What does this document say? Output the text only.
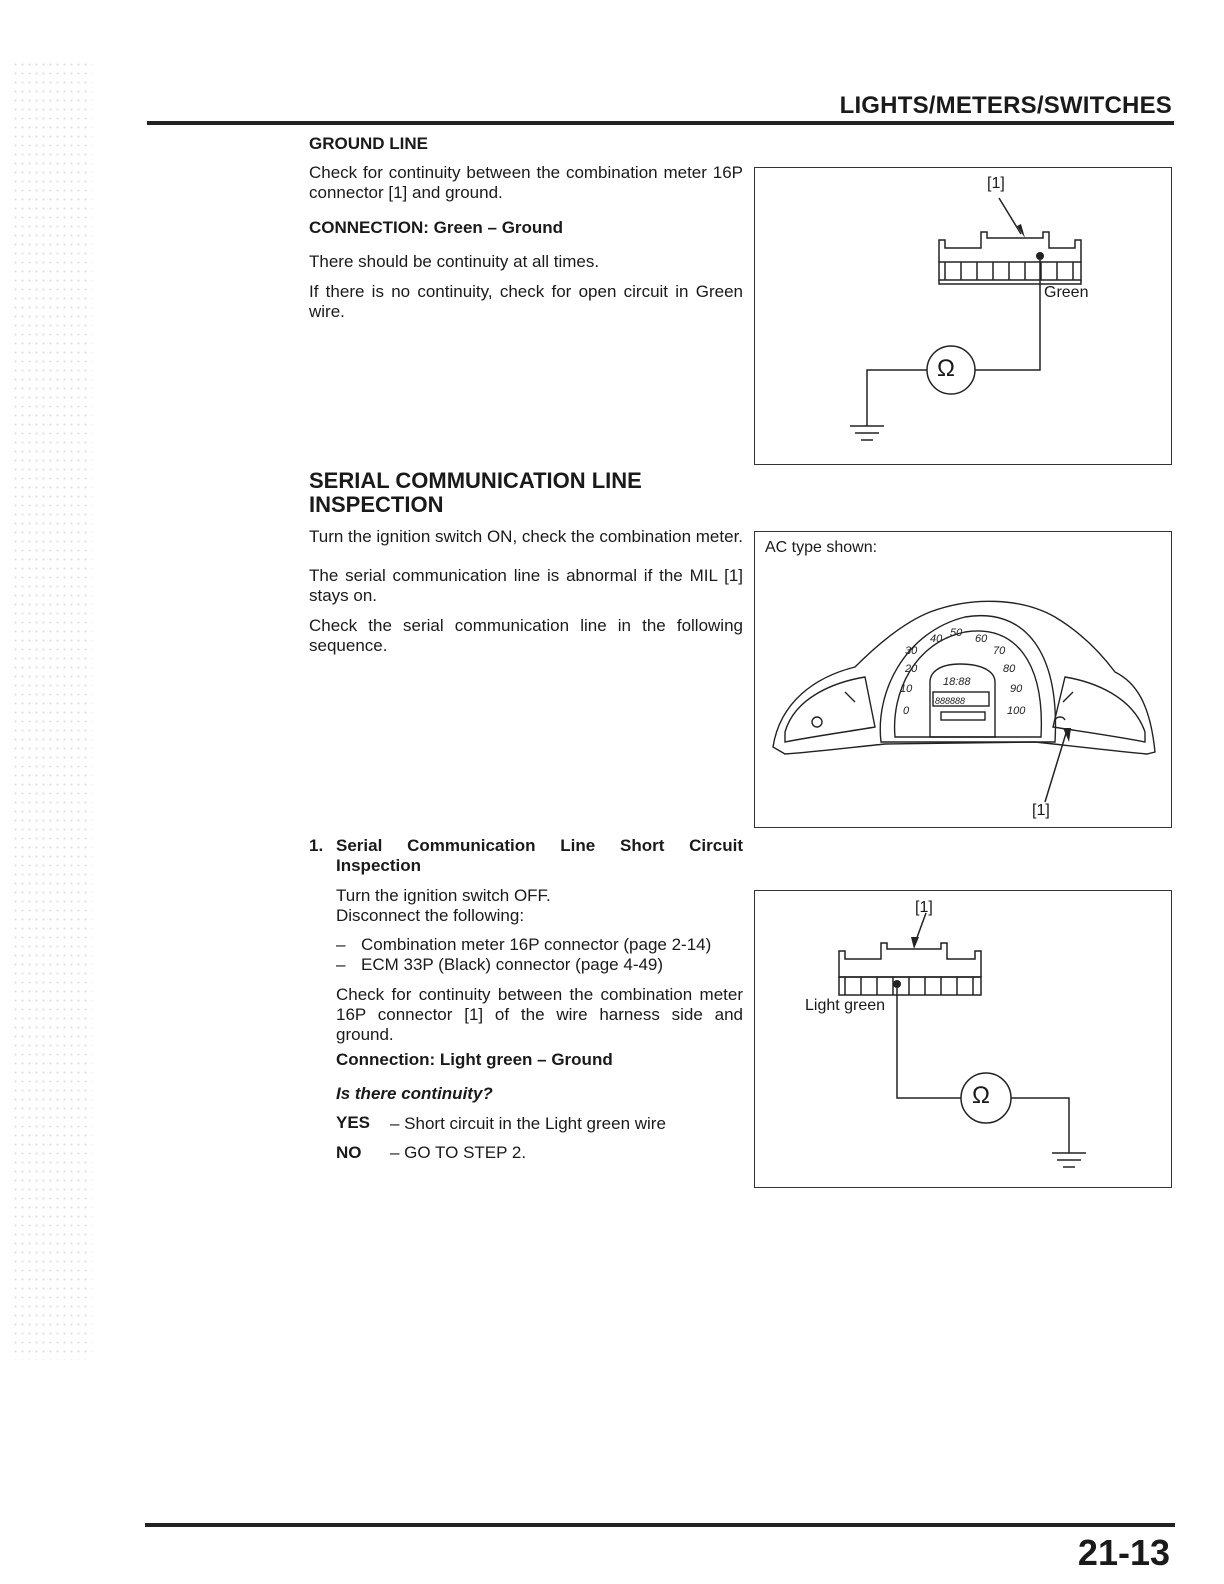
LIGHTS/METERS/SWITCHES
GROUND LINE
Check for continuity between the combination meter 16P connector [1] and ground.
CONNECTION: Green – Ground
There should be continuity at all times.
If there is no continuity, check for open circuit in Green wire.
[1]
Green
Ω
SERIAL COMMUNICATION LINE
INSPECTION
Turn the ignition switch ON, check the combination meter.
The serial communication line is abnormal if the MIL [1] stays on.
Check the serial communication line in the following sequence.
AC type shown:
40 50 60
30	70
20	80
10	90
0	100
18:88
888888
[1]
1. Serial Communication Line Short Circuit
Inspection
Turn the ignition switch OFF.
Disconnect the following:
– Combination meter 16P connector (page 2-14)
– ECM 33P (Black) connector (page 4-49)
Check for continuity between the combination meter 16P connector [1] of the wire harness side and ground.
Connection: Light green – Ground
Is there continuity?
YES – Short circuit in the Light green wire
NO – GO TO STEP 2.
[1]
Light green
Ω
21-13
